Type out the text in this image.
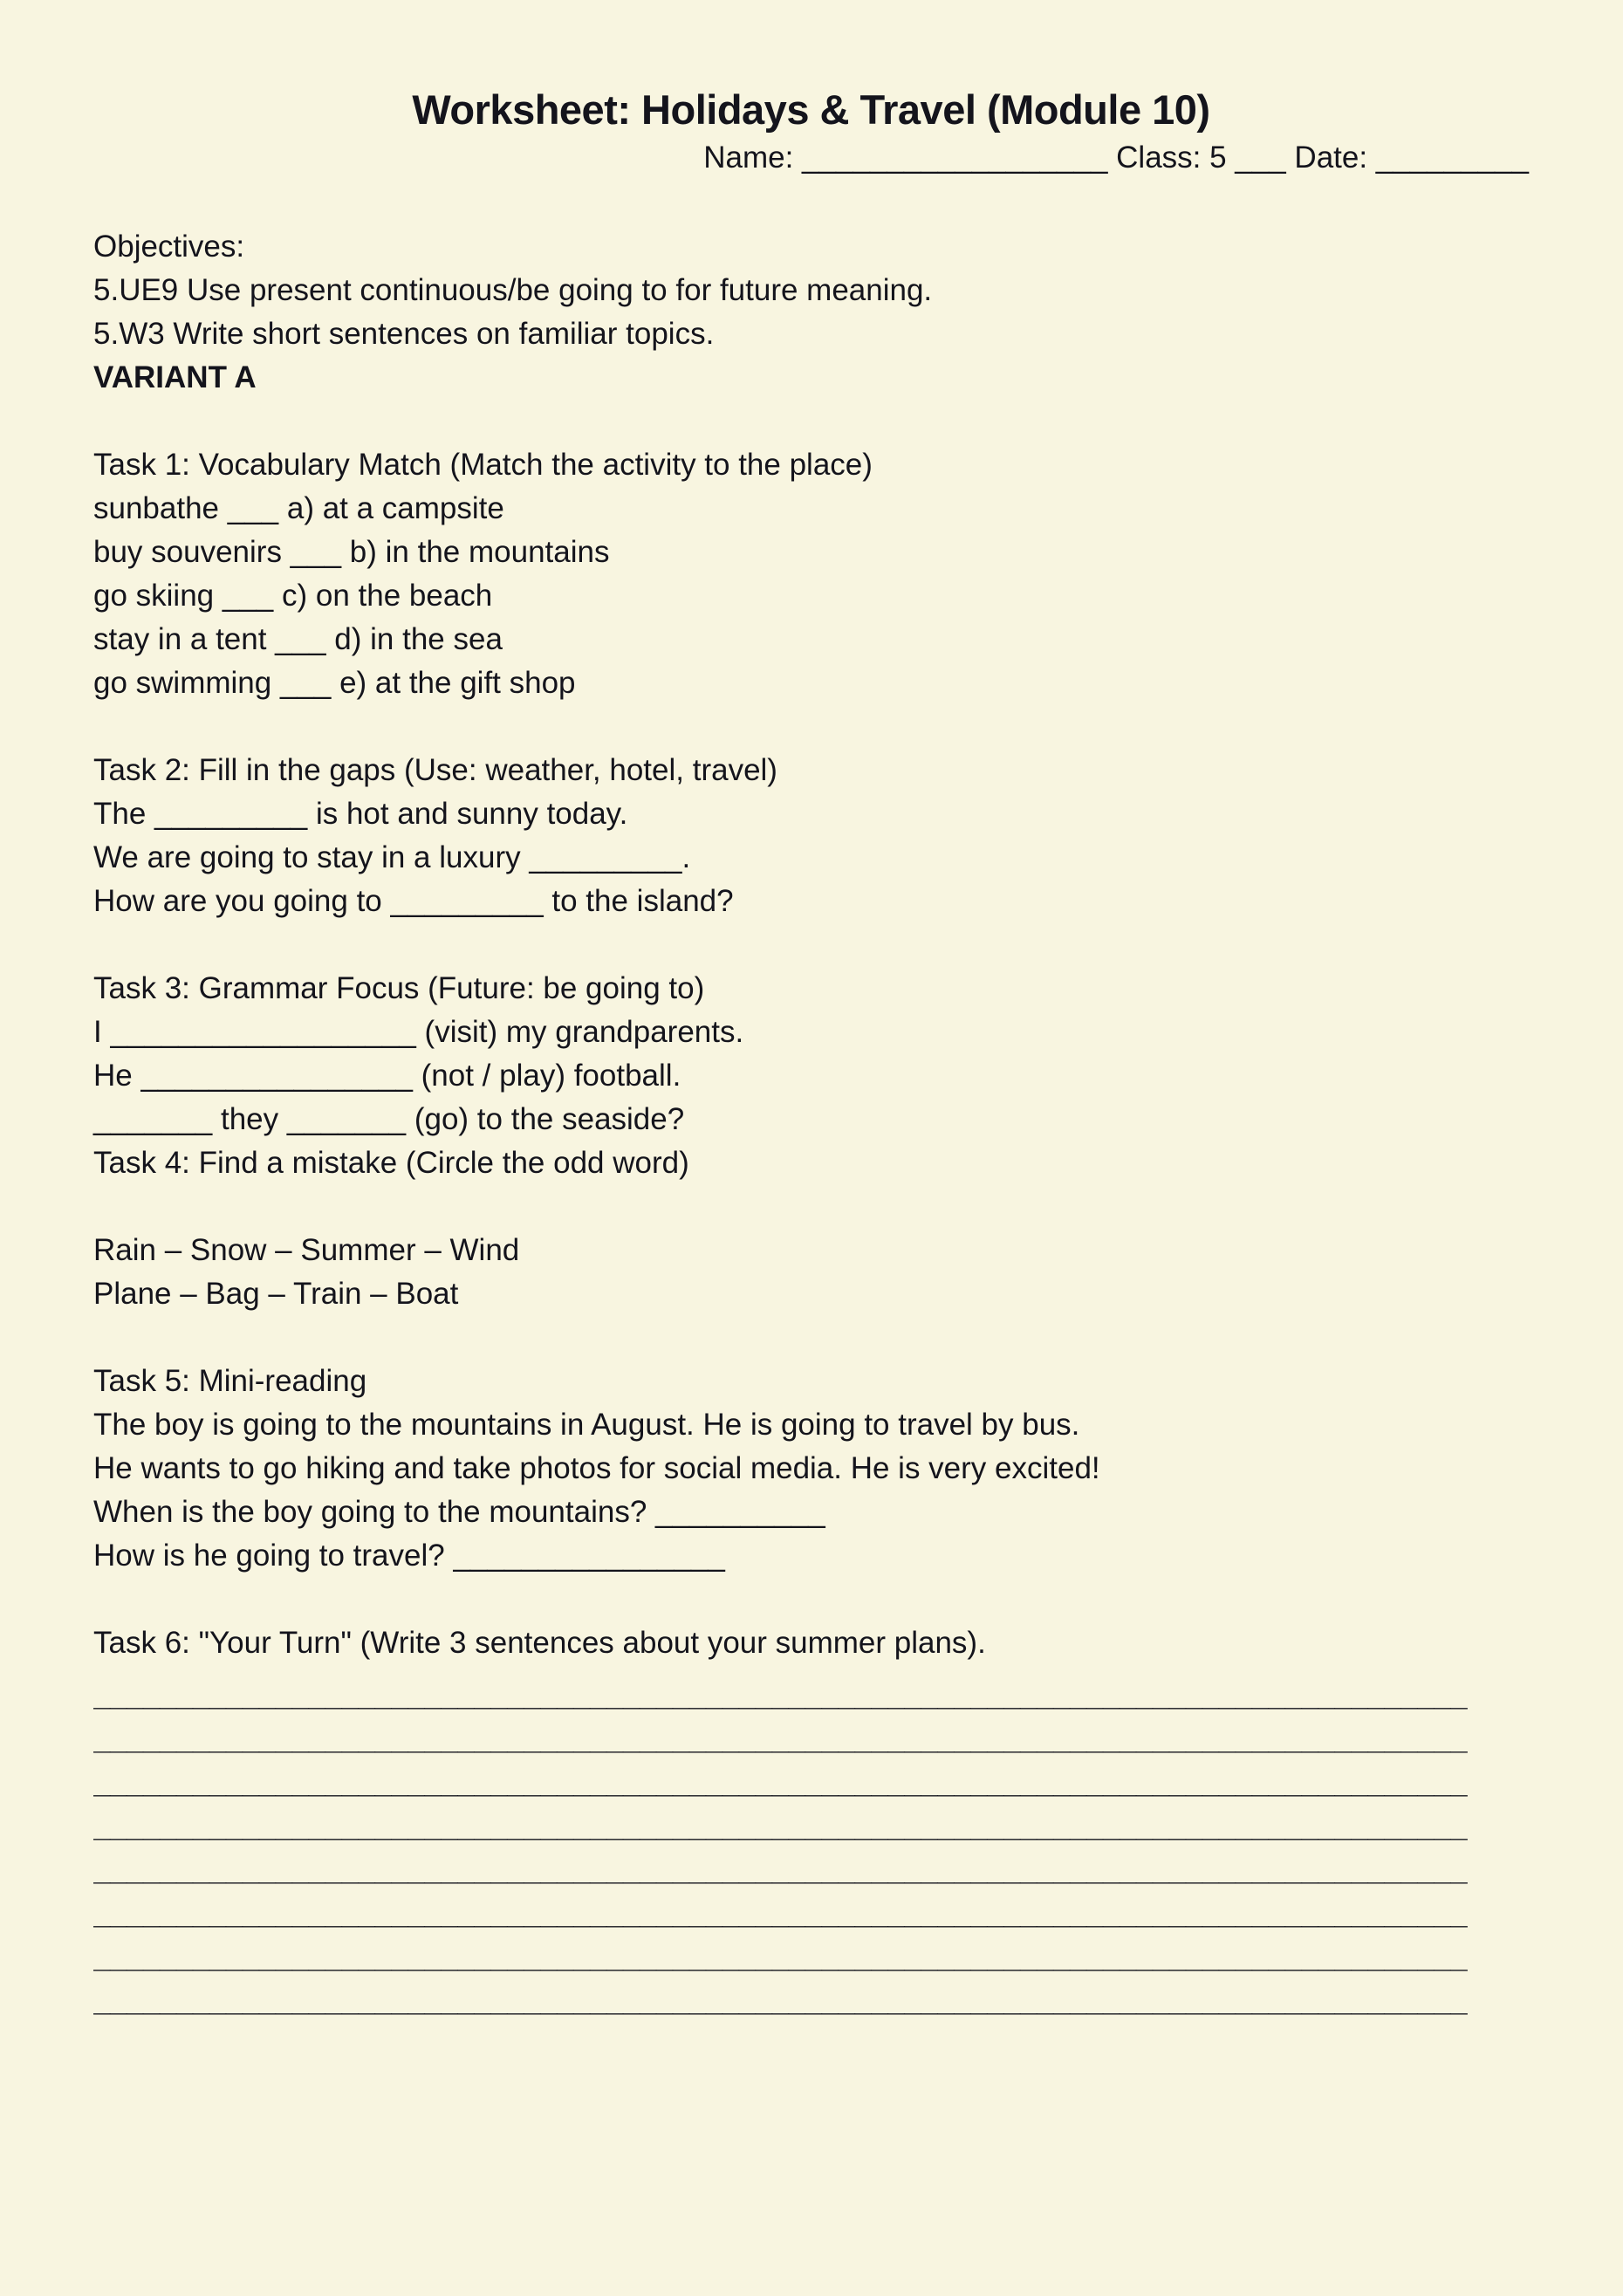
Worksheet: Holidays & Travel (Module 10)

Name: __________________ Class: 5 ___ Date: _________

Objectives:

5.UE9 Use present continuous/be going to for future meaning.

5.W3 Write short sentences on familiar topics.

VARIANT A

Task 1: Vocabulary Match (Match the activity to the place)

sunbathe ___ a) at a campsite

buy souvenirs ___ b) in the mountains

go skiing ___ c) on the beach

stay in a tent ___ d) in the sea

go swimming ___ e) at the gift shop

Task 2: Fill in the gaps (Use: weather, hotel, travel)

The _________ is hot and sunny today.

We are going to stay in a luxury _________.

How are you going to _________ to the island?

Task 3: Grammar Focus (Future: be going to)

I __________________ (visit) my grandparents.

He ________________ (not / play) football.

_______ they _______ (go) to the seaside?

Task 4: Find a mistake (Circle the odd word)

Rain – Snow – Summer – Wind

Plane – Bag – Train – Boat

Task 5: Mini-reading

The boy is going to the mountains in August. He is going to travel by bus.

He wants to go hiking and take photos for social media. He is very excited!

When is the boy going to the mountains? __________

How is he going to travel? ________________

Task 6: "Your Turn" (Write 3 sentences about your summer plans).

___________________________________________________________________________________

___________________________________________________________________________________

___________________________________________________________________________________

___________________________________________________________________________________

___________________________________________________________________________________

___________________________________________________________________________________

___________________________________________________________________________________

___________________________________________________________________________________
